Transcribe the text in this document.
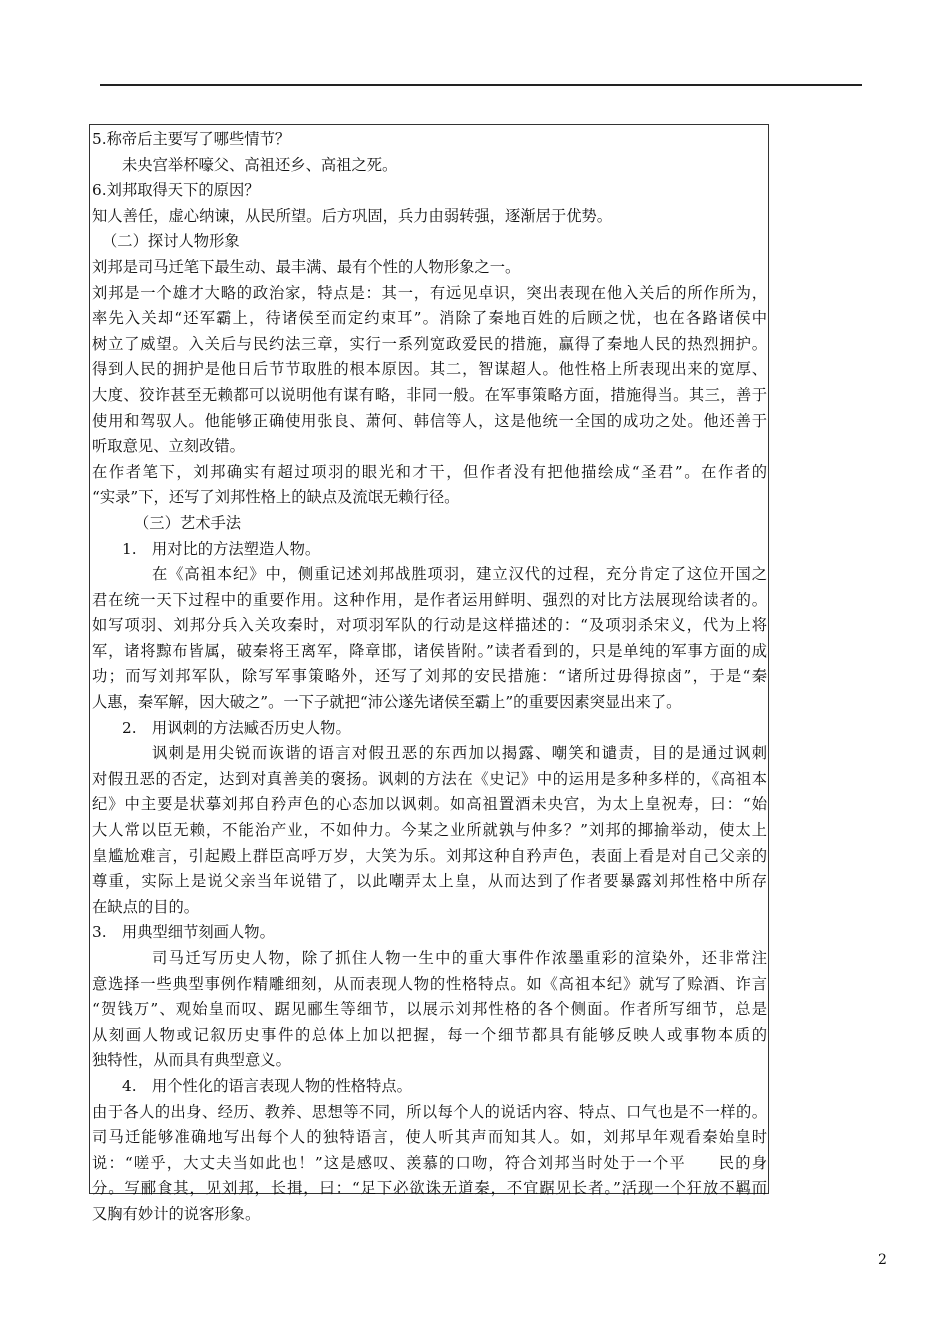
5.称帝后主要写了哪些情节？
未央宫举杯嚎父、高祖还乡、高祖之死。
6.刘邦取得天下的原因？
知人善任，虚心纳谏，从民所望。后方巩固，兵力由弱转强，逐渐居于优势。
（二）探讨人物形象
刘邦是司马迁笔下最生动、最丰满、最有个性的人物形象之一。
刘邦是一个雄才大略的政治家，特点是：其一，有远见卓识，突出表现在他入关后的所作所为，
率先入关却“还军霸上，待诸侯至而定约束耳”。消除了秦地百姓的后顾之忧，也在各路诸侯中
树立了威望。入关后与民约法三章，实行一系列宽政爱民的措施，赢得了秦地人民的热烈拥护。
得到人民的拥护是他日后节节取胜的根本原因。其二，智谋超人。他性格上所表现出来的宽厚、
大度、狡诈甚至无赖都可以说明他有谋有略，非同一般。在军事策略方面，措施得当。其三，善于
使用和驾驭人。他能够正确使用张良、萧何、韩信等人，这是他统一全国的成功之处。他还善于
听取意见、立刻改错。
在作者笔下，刘邦确实有超过项羽的眼光和才干，但作者没有把他描绘成“圣君”。在作者的
“实录”下，还写了刘邦性格上的缺点及流氓无赖行径。
（三）艺术手法
1.　用对比的方法塑造人物。
在《高祖本纪》中，侧重记述刘邦战胜项羽，建立汉代的过程，充分肯定了这位开国之
君在统一天下过程中的重要作用。这种作用，是作者运用鲜明、强烈的对比方法展现给读者的。
如写项羽、刘邦分兵入关攻秦时，对项羽军队的行动是这样描述的：“及项羽杀宋义，代为上将
军，诸将黥布皆属，破秦将王离军，降章邯，诸侯皆附。”读者看到的，只是单纯的军事方面的成
功；而写刘邦军队，除写军事策略外，还写了刘邦的安民措施：“诸所过毋得掠卤”，于是“秦
人惠，秦军解，因大破之”。一下子就把“沛公遂先诸侯至霸上”的重要因素突显出来了。
2.　用讽刺的方法臧否历史人物。
讽刺是用尖锐而诙谐的语言对假丑恶的东西加以揭露、嘲笑和谴责，目的是通过讽刺
对假丑恶的否定，达到对真善美的褒扬。讽刺的方法在《史记》中的运用是多种多样的，《高祖本
纪》中主要是状摹刘邦自矜声色的心态加以讽刺。如高祖置酒未央宫，为太上皇祝寿，曰：“始
大人常以臣无赖，不能治产业，不如仲力。今某之业所就孰与仲多？”刘邦的揶揄举动，使太上
皇尴尬难言，引起殿上群臣高呼万岁，大笑为乐。刘邦这种自矜声色，表面上看是对自己父亲的
尊重，实际上是说父亲当年说错了，以此嘲弄太上皇，从而达到了作者要暴露刘邦性格中所存
在缺点的目的。
3.　用典型细节刻画人物。
司马迁写历史人物，除了抓住人物一生中的重大事件作浓墨重彩的渲染外，还非常注
意选择一些典型事例作精雕细刻，从而表现人物的性格特点。如《高祖本纪》就写了赊酒、诈言
“贺钱万”、观始皇而叹、踞见郦生等细节，以展示刘邦性格的各个侧面。作者所写细节，总是
从刻画人物或记叙历史事件的总体上加以把握，每一个细节都具有能够反映人或事物本质的
独特性，从而具有典型意义。
4.　用个性化的语言表现人物的性格特点。
由于各人的出身、经历、教养、思想等不同，所以每个人的说话内容、特点、口气也是不一样的。
司马迁能够准确地写出每个人的独特语言，使人听其声而知其人。如，刘邦早年观看秦始皇时
说：“嗟乎，大丈夫当如此也！”这是感叹、羡慕的口吻，符合刘邦当时处于一个平　　民的身
分。写郦食其，见刘邦，长揖，曰：“足下必欲诛无道秦，不宜踞见长者。”活现一个狂放不羁而
又胸有妙计的说客形象。
2
